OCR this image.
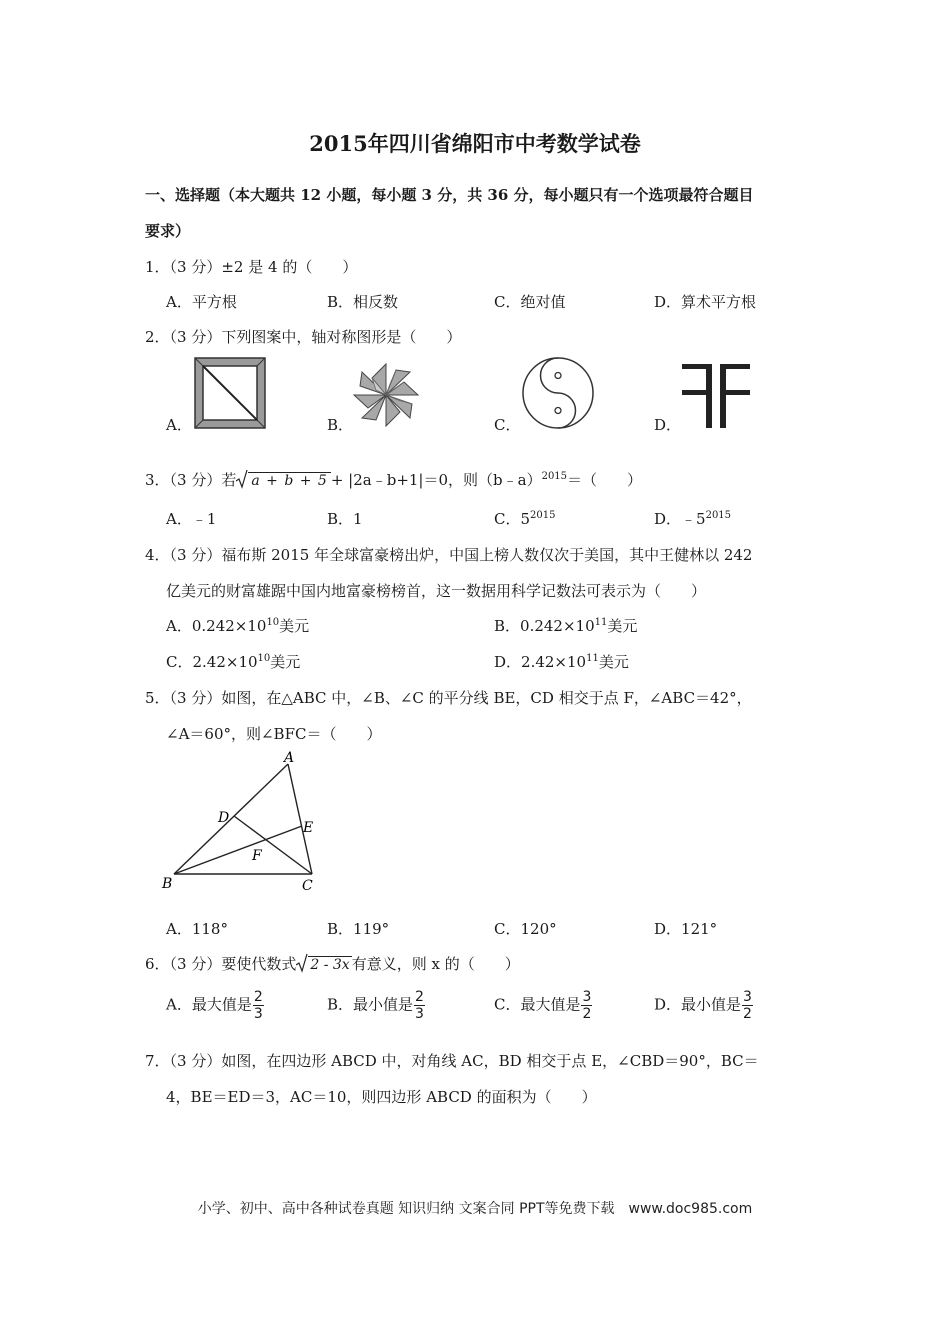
2015年四川省绵阳市中考数学试卷
一、选择题（本大题共 12 小题，每小题 3 分，共 36 分，每小题只有一个选项最符合题目
要求）
1．（3 分）±2 是 4 的（　　）
A．平方根	B．相反数	C．绝对值	D．算术平方根
2．（3 分）下列图案中，轴对称图形是（　　）
A．	B．	C．	D．
3．（3 分）若 a + b + 5 + |2a﹣b+1|＝0，则（b﹣a）$^{2015}$＝（　　）
A．﹣1	B．1	C．$5^{2015}$	D．$﹣5^{2015}$
4．（3 分）福布斯 2015 年全球富豪榜出炉，中国上榜人数仅次于美国，其中王健林以 242
亿美元的财富雄踞中国内地富豪榜榜首，这一数据用科学记数法可表示为（　　）
A．$0.242\times 10^{10}$美元	B．$0.242\times 10^{11}$美元
C．$2.42\times 10^{10}$美元	D．$2.42\times 10^{11}$美元
5．（3 分）如图，在△ABC 中，∠B、∠C 的平分线 BE，CD 相交于点 F，∠ABC＝42°，
∠A＝60°，则∠BFC＝（　　）
A
B	C
D
E
F
A．118°	B．119°	C．120°	D．121°
6．（3 分）要使代数式 2 - 3x 有意义，则 x 的（　　）
A．最大值是 $\frac{2}{3}$	B．最小值是 $\frac{2}{3}$	C．最大值是 $\frac{3}{2}$	D．最小值是 $\frac{3}{2}$
7．（3 分）如图，在四边形 ABCD 中，对角线 AC，BD 相交于点 E，∠CBD＝90°，BC＝
4，BE＝ED＝3，AC＝10，则四边形 ABCD 的面积为（　　）
小学、初中、高中各种试卷真题 知识归纳 文案合同 PPT等免费下载　www.doc985.com
